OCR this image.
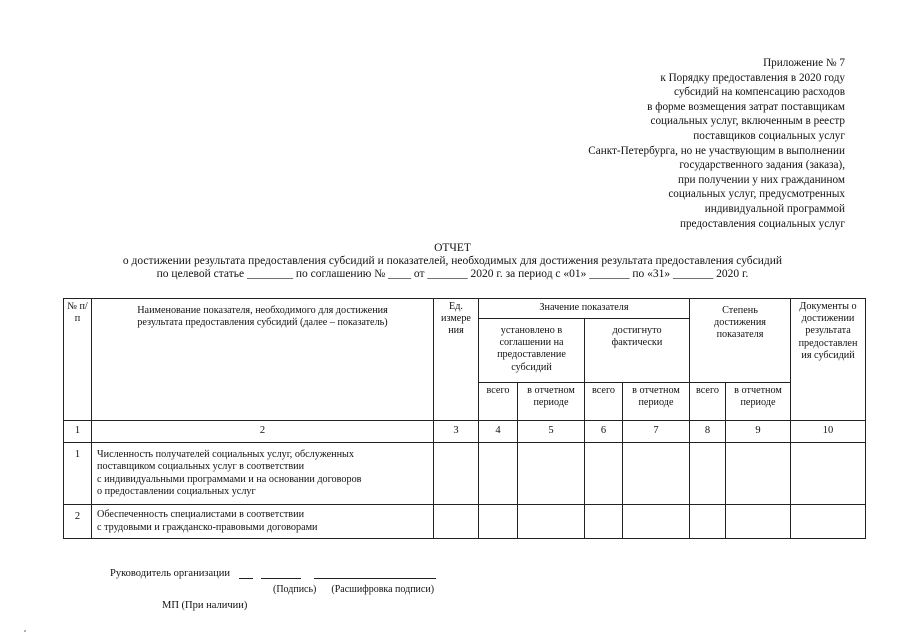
Приложение № 7
к Порядку предоставления в 2020 году
субсидий на компенсацию расходов
в форме возмещения затрат поставщикам
социальных услуг, включенным в реестр
поставщиков социальных услуг
Санкт-Петербурга, но не участвующим в выполнении
государственного задания (заказа),
при получении у них гражданином
социальных услуг, предусмотренных
индивидуальной программой
предоставления социальных услуг
ОТЧЕТ
о достижении результата предоставления субсидий и показателей, необходимых для достижения результата предоставления субсидий
по целевой статье ________ по соглашению № ____ от _______ 2020 г. за период с «01» _______ по «31» _______ 2020 г.
№ п/п	Наименование показателя, необходимого для достижения результата предоставления субсидий (далее – показатель)	Ед. измере ния	Значение показателя				Степень достижения показателя		Документы о достижении результата предоставлен ия субсидий
			установлено в соглашении на предоставление субсидий		достигнуто фактически				
			всего	в отчетном периоде	всего	в отчетном периоде	всего	в отчетном периоде	
1	2	3	4	5	6	7	8	9	10
1	Численность получателей социальных услуг, обслуженных
поставщиком социальных услуг в соответствии
с индивидуальными программами и на основании договоров
о предоставлении социальных услуг								

2	Обеспеченность специалистами в соответствии
с трудовыми и гражданско-правовыми договорами								

Руководитель организации
(Подпись) (Расшифровка подписи)
МП (При наличии)
